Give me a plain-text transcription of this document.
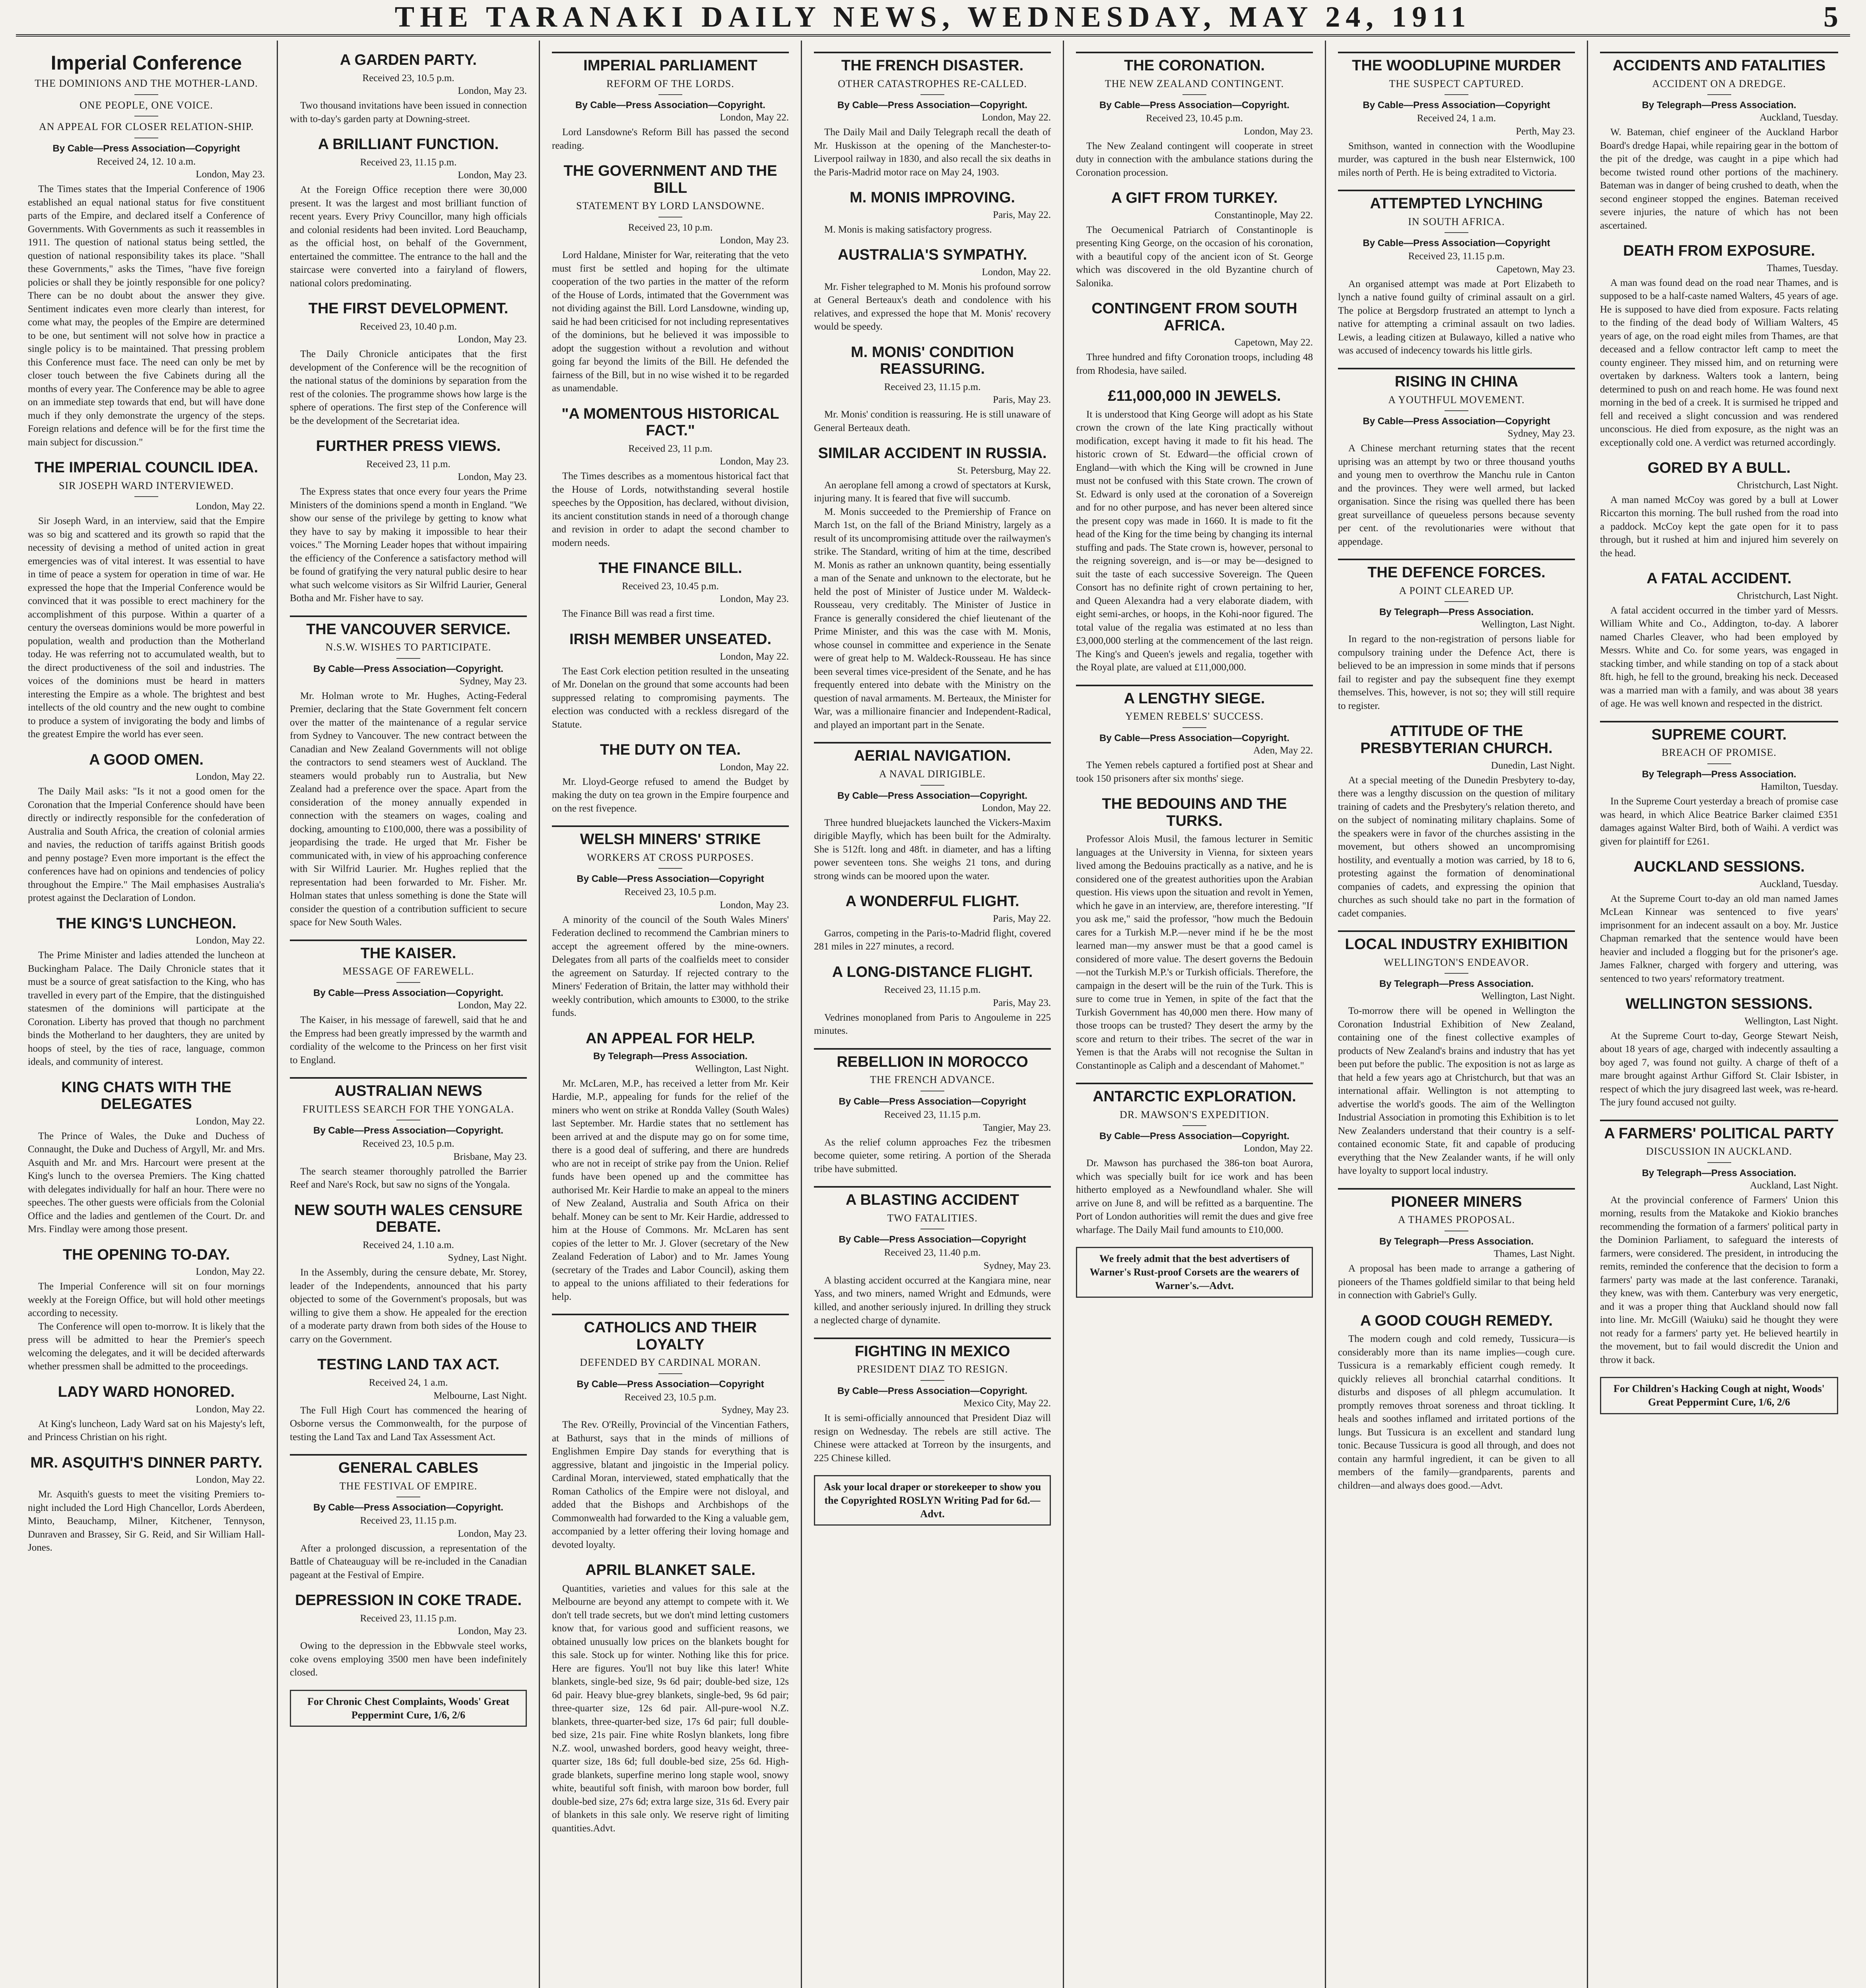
THE TARANAKI DAILY NEWS, WEDNESDAY, MAY 24, 1911	5
Imperial Conference
THE DOMINIONS AND THE MOTHER-LAND.
ONE PEOPLE, ONE VOICE.
AN APPEAL FOR CLOSER RELATION-SHIP.
By Cable—Press Association—Copyright
Received 24, 12. 10 a.m.
London, May 23.

The Times states that the Imperial Conference of 1906 established an equal national status for five constituent parts of the Empire, and declared itself a Conference of Governments. With Governments as such it reassembles in 1911. The question of national status being settled, the question of national responsibility takes its place. "Shall these Governments," asks the Times, "have five foreign policies or shall they be jointly responsible for one policy? There can be no doubt about the answer they give. Sentiment indicates even more clearly than interest, for come what may, the peoples of the Empire are determined to be one, but sentiment will not solve how in practice a single policy is to be maintained. That pressing problem this Conference must face. The need can only be met by closer touch between the five Cabinets during all the months of every year. The Conference may be able to agree on an immediate step towards that end, but will have done much if they only demonstrate the urgency of the steps. Foreign relations and defence will be for the first time the main subject for discussion."

THE IMPERIAL COUNCIL IDEA.
SIR JOSEPH WARD INTERVIEWED.
London, May 22.

Sir Joseph Ward, in an interview, said that the Empire was so big and scattered and its growth so rapid that the necessity of devising a method of united action in great emergencies was of vital interest. It was essential to have in time of peace a system for operation in time of war. He expressed the hope that the Imperial Conference would be convinced that it was possible to erect machinery for the accomplishment of this purpose. Within a quarter of a century the overseas dominions would be more powerful in population, wealth and production than the Motherland today. He was referring not to accumulated wealth, but to the direct productiveness of the soil and industries. The voices of the dominions must be heard in matters interesting the Empire as a whole. The brightest and best intellects of the old country and the new ought to combine to produce a system of invigorating the body and limbs of the greatest Empire the world has ever seen.

A GOOD OMEN.
London, May 22.

The Daily Mail asks: "Is it not a good omen for the Coronation that the Imperial Conference should have been directly or indirectly responsible for the confederation of Australia and South Africa, the creation of colonial armies and navies, the reduction of tariffs against British goods and penny postage? Even more important is the effect the conferences have had on opinions and tendencies of policy throughout the Empire." The Mail emphasises Australia's protest against the Declaration of London.

THE KING'S LUNCHEON.
London, May 22.

The Prime Minister and ladies attended the luncheon at Buckingham Palace. The Daily Chronicle states that it must be a source of great satisfaction to the King, who has travelled in every part of the Empire, that the distinguished statesmen of the dominions will participate at the Coronation. Liberty has proved that though no parchment binds the Motherland to her daughters, they are united by hoops of steel, by the ties of race, language, common ideals, and community of interest.

KING CHATS WITH THE DELEGATES
London, May 22.

The Prince of Wales, the Duke and Duchess of Connaught, the Duke and Duchess of Argyll, Mr. and Mrs. Asquith and Mr. and Mrs. Harcourt were present at the King's lunch to the oversea Premiers. The King chatted with delegates individually for half an hour. There were no speeches. The other guests were officials from the Colonial Office and the ladies and gentlemen of the Court. Dr. and Mrs. Findlay were among those present.

THE OPENING TO-DAY.
London, May 22.

The Imperial Conference will sit on four mornings weekly at the Foreign Office, but will hold other meetings according to necessity.

The Conference will open to-morrow. It is likely that the press will be admitted to hear the Premier's speech welcoming the delegates, and it will be decided afterwards whether pressmen shall be admitted to the proceedings.

LADY WARD HONORED.
London, May 22.

At King's luncheon, Lady Ward sat on his Majesty's left, and Princess Christian on his right.

MR. ASQUITH'S DINNER PARTY.
London, May 22.

Mr. Asquith's guests to meet the visiting Premiers to-night included the Lord High Chancellor, Lords Aberdeen, Minto, Beauchamp, Milner, Kitchener, Tennyson, Dunraven and Brassey, Sir G. Reid, and Sir William Hall-Jones.

A GARDEN PARTY.
Received 23, 10.5 p.m.
London, May 23.

Two thousand invitations have been issued in connection with to-day's garden party at Downing-street.

A BRILLIANT FUNCTION.
Received 23, 11.15 p.m.
London, May 23.

At the Foreign Office reception there were 30,000 present. It was the largest and most brilliant function of recent years. Every Privy Councillor, many high officials and colonial residents had been invited. Lord Beauchamp, as the official host, on behalf of the Government, entertained the committee. The entrance to the hall and the staircase were converted into a fairyland of flowers, national colors predominating.

THE FIRST DEVELOPMENT.
Received 23, 10.40 p.m.
London, May 23.

The Daily Chronicle anticipates that the first development of the Conference will be the recognition of the national status of the dominions by separation from the rest of the colonies. The programme shows how large is the sphere of operations. The first step of the Conference will be the development of the Secretariat idea.

FURTHER PRESS VIEWS.
Received 23, 11 p.m.
London, May 23.

The Express states that once every four years the Prime Ministers of the dominions spend a month in England. "We show our sense of the privilege by getting to know what they have to say by making it impossible to hear their voices." The Morning Leader hopes that without impairing the efficiency of the Conference a satisfactory method will be found of gratifying the very natural public desire to hear what such welcome visitors as Sir Wilfrid Laurier, General Botha and Mr. Fisher have to say.

THE VANCOUVER SERVICE.
N.S.W. WISHES TO PARTICIPATE.
By Cable—Press Association—Copyright.
Sydney, May 23.

Mr. Holman wrote to Mr. Hughes, Acting-Federal Premier, declaring that the State Government felt concern over the matter of the maintenance of a regular service from Sydney to Vancouver. The new contract between the Canadian and New Zealand Governments will not oblige the contractors to send steamers west of Auckland. The steamers would probably run to Australia, but New Zealand had a preference over the space. Apart from the consideration of the money annually expended in connection with the steamers on wages, coaling and docking, amounting to £100,000, there was a possibility of jeopardising the trade. He urged that Mr. Fisher be communicated with, in view of his approaching conference with Sir Wilfrid Laurier. Mr. Hughes replied that the representation had been forwarded to Mr. Fisher. Mr. Holman states that unless something is done the State will consider the question of a contribution sufficient to secure space for New South Wales.

THE KAISER.
MESSAGE OF FAREWELL.
By Cable—Press Association—Copyright.
London, May 22.

The Kaiser, in his message of farewell, said that he and the Empress had been greatly impressed by the warmth and cordiality of the welcome to the Princess on her first visit to England.

AUSTRALIAN NEWS
FRUITLESS SEARCH FOR THE YONGALA.
By Cable—Press Association—Copyright.
Received 23, 10.5 p.m.
Brisbane, May 23.

The search steamer thoroughly patrolled the Barrier Reef and Nare's Rock, but saw no signs of the Yongala.

NEW SOUTH WALES CENSURE DEBATE.
Received 24, 1.10 a.m.
Sydney, Last Night.

In the Assembly, during the censure debate, Mr. Storey, leader of the Independents, announced that his party objected to some of the Government's proposals, but was willing to give them a show. He appealed for the erection of a moderate party drawn from both sides of the House to carry on the Government.

TESTING LAND TAX ACT.
Received 24, 1 a.m.
Melbourne, Last Night.

The Full High Court has commenced the hearing of Osborne versus the Commonwealth, for the purpose of testing the Land Tax and Land Tax Assessment Act.

GENERAL CABLES
THE FESTIVAL OF EMPIRE.
By Cable—Press Association—Copyright.
Received 23, 11.15 p.m.
London, May 23.

After a prolonged discussion, a representation of the Battle of Chateauguay will be re-included in the Canadian pageant at the Festival of Empire.

DEPRESSION IN COKE TRADE.
Received 23, 11.15 p.m.
London, May 23.

Owing to the depression in the Ebbwvale steel works, coke ovens employing 3500 men have been indefinitely closed.

For Chronic Chest Complaints, Woods' Great Peppermint Cure, 1/6, 2/6

IMPERIAL PARLIAMENT
REFORM OF THE LORDS.
By Cable—Press Association—Copyright.
London, May 22.

Lord Lansdowne's Reform Bill has passed the second reading.

THE GOVERNMENT AND THE BILL
STATEMENT BY LORD LANSDOWNE.
Received 23, 10 p.m.
London, May 23.

Lord Haldane, Minister for War, reiterating that the veto must first be settled and hoping for the ultimate cooperation of the two parties in the matter of the reform of the House of Lords, intimated that the Government was not dividing against the Bill. Lord Lansdowne, winding up, said he had been criticised for not including representatives of the dominions, but he believed it was impossible to adopt the suggestion without a revolution and without going far beyond the limits of the Bill. He defended the fairness of the Bill, but in no wise wished it to be regarded as unamendable.

"A MOMENTOUS HISTORICAL FACT."
Received 23, 11 p.m.
London, May 23.

The Times describes as a momentous historical fact that the House of Lords, notwithstanding several hostile speeches by the Opposition, has declared, without division, its ancient constitution stands in need of a thorough change and revision in order to adapt the second chamber to modern needs.

THE FINANCE BILL.
Received 23, 10.45 p.m.
London, May 23.

The Finance Bill was read a first time.

IRISH MEMBER UNSEATED.
London, May 22.

The East Cork election petition resulted in the unseating of Mr. Donelan on the ground that some accounts had been suppressed relating to compromising payments. The election was conducted with a reckless disregard of the Statute.

THE DUTY ON TEA.
London, May 22.

Mr. Lloyd-George refused to amend the Budget by making the duty on tea grown in the Empire fourpence and on the rest fivepence.

WELSH MINERS' STRIKE
WORKERS AT CROSS PURPOSES.
By Cable—Press Association—Copyright
Received 23, 10.5 p.m.
London, May 23.

A minority of the council of the South Wales Miners' Federation declined to recommend the Cambrian miners to accept the agreement offered by the mine-owners. Delegates from all parts of the coalfields meet to consider the agreement on Saturday. If rejected contrary to the Miners' Federation of Britain, the latter may withhold their weekly contribution, which amounts to £3000, to the strike funds.

AN APPEAL FOR HELP.
By Telegraph—Press Association.
Wellington, Last Night.

Mr. McLaren, M.P., has received a letter from Mr. Keir Hardie, M.P., appealing for funds for the relief of the miners who went on strike at Rondda Valley (South Wales) last September. Mr. Hardie states that no settlement has been arrived at and the dispute may go on for some time, there is a good deal of suffering, and there are hundreds who are not in receipt of strike pay from the Union. Relief funds have been opened up and the committee has authorised Mr. Keir Hardie to make an appeal to the miners of New Zealand, Australia and South Africa on their behalf. Money can be sent to Mr. Keir Hardie, addressed to him at the House of Commons. Mr. McLaren has sent copies of the letter to Mr. J. Glover (secretary of the New Zealand Federation of Labor) and to Mr. James Young (secretary of the Trades and Labor Council), asking them to appeal to the unions affiliated to their federations for help.

CATHOLICS AND THEIR LOYALTY
DEFENDED BY CARDINAL MORAN.
By Cable—Press Association—Copyright
Received 23, 10.5 p.m.
Sydney, May 23.

The Rev. O'Reilly, Provincial of the Vincentian Fathers, at Bathurst, says that in the minds of millions of Englishmen Empire Day stands for everything that is aggressive, blatant and jingoistic in the Imperial policy. Cardinal Moran, interviewed, stated emphatically that the Roman Catholics of the Empire were not disloyal, and added that the Bishops and Archbishops of the Commonwealth had forwarded to the King a valuable gem, accompanied by a letter offering their loving homage and devoted loyalty.

APRIL BLANKET SALE.

Quantities, varieties and values for this sale at the Melbourne are beyond any attempt to compete with it. We don't tell trade secrets, but we don't mind letting customers know that, for various good and sufficient reasons, we obtained unusually low prices on the blankets bought for this sale. Stock up for winter. Nothing like this for price. Here are figures. You'll not buy like this later! White blankets, single-bed size, 9s 6d pair; double-bed size, 12s 6d pair. Heavy blue-grey blankets, single-bed, 9s 6d pair; three-quarter size, 12s 6d pair. All-pure-wool N.Z. blankets, three-quarter-bed size, 17s 6d pair; full double-bed size, 21s pair. Fine white Roslyn blankets, long fibre N.Z. wool, unwashed borders, good heavy weight, three-quarter size, 18s 6d; full double-bed size, 25s 6d. High-grade blankets, superfine merino long staple wool, snowy white, beautiful soft finish, with maroon bow border, full double-bed size, 27s 6d; extra large size, 31s 6d. Every pair of blankets in this sale only. We reserve right of limiting quantities.Advt.

THE FRENCH DISASTER.
OTHER CATASTROPHES RE-CALLED.
By Cable—Press Association—Copyright.
London, May 22.

The Daily Mail and Daily Telegraph recall the death of Mr. Huskisson at the opening of the Manchester-to-Liverpool railway in 1830, and also recall the six deaths in the Paris-Madrid motor race on May 24, 1903.

M. MONIS IMPROVING.
Paris, May 22.

M. Monis is making satisfactory progress.

AUSTRALIA'S SYMPATHY.
London, May 22.

Mr. Fisher telegraphed to M. Monis his profound sorrow at General Berteaux's death and condolence with his relatives, and expressed the hope that M. Monis' recovery would be speedy.

M. MONIS' CONDITION REASSURING.
Received 23, 11.15 p.m.
Paris, May 23.

Mr. Monis' condition is reassuring. He is still unaware of General Berteaux death.

SIMILAR ACCIDENT IN RUSSIA.
St. Petersburg, May 22.

An aeroplane fell among a crowd of spectators at Kursk, injuring many. It is feared that five will succumb.

M. Monis succeeded to the Premiership of France on March 1st, on the fall of the Briand Ministry, largely as a result of its uncompromising attitude over the railwaymen's strike. The Standard, writing of him at the time, described M. Monis as rather an unknown quantity, being essentially a man of the Senate and unknown to the electorate, but he held the post of Minister of Justice under M. Waldeck-Rousseau, very creditably. The Minister of Justice in France is generally considered the chief lieutenant of the Prime Minister, and this was the case with M. Monis, whose counsel in committee and experience in the Senate were of great help to M. Waldeck-Rousseau. He has since been several times vice-president of the Senate, and he has frequently entered into debate with the Ministry on the question of naval armaments. M. Berteaux, the Minister for War, was a millionaire financier and Independent-Radical, and played an important part in the Senate.

AERIAL NAVIGATION.
A NAVAL DIRIGIBLE.
By Cable—Press Association—Copyright.
London, May 22.

Three hundred bluejackets launched the Vickers-Maxim dirigible Mayfly, which has been built for the Admiralty. She is 512ft. long and 48ft. in diameter, and has a lifting power seventeen tons. She weighs 21 tons, and during strong winds can be moored upon the water.

A WONDERFUL FLIGHT.
Paris, May 22.

Garros, competing in the Paris-to-Madrid flight, covered 281 miles in 227 minutes, a record.

A LONG-DISTANCE FLIGHT.
Received 23, 11.15 p.m.
Paris, May 23.

Vedrines monoplaned from Paris to Angouleme in 225 minutes.

REBELLION IN MOROCCO
THE FRENCH ADVANCE.
By Cable—Press Association—Copyright
Received 23, 11.15 p.m.
Tangier, May 23.

As the relief column approaches Fez the tribesmen become quieter, some retiring. A portion of the Sherada tribe have submitted.

A BLASTING ACCIDENT
TWO FATALITIES.
By Cable—Press Association—Copyright
Received 23, 11.40 p.m.
Sydney, May 23.

A blasting accident occurred at the Kangiara mine, near Yass, and two miners, named Wright and Edmunds, were killed, and another seriously injured. In drilling they struck a neglected charge of dynamite.

FIGHTING IN MEXICO
PRESIDENT DIAZ TO RESIGN.
By Cable—Press Association—Copyright.
Mexico City, May 22.

It is semi-officially announced that President Diaz will resign on Wednesday. The rebels are still active. The Chinese were attacked at Torreon by the insurgents, and 225 Chinese killed.

Ask your local draper or storekeeper to show you the Copyrighted ROSLYN Writing Pad for 6d.—Advt.

THE CORONATION.
THE NEW ZEALAND CONTINGENT.
By Cable—Press Association—Copyright.
Received 23, 10.45 p.m.
London, May 23.

The New Zealand contingent will cooperate in street duty in connection with the ambulance stations during the Coronation procession.

A GIFT FROM TURKEY.
Constantinople, May 22.

The Oecumenical Patriarch of Constantinople is presenting King George, on the occasion of his coronation, with a beautiful copy of the ancient icon of St. George which was discovered in the old Byzantine church of Salonika.

CONTINGENT FROM SOUTH AFRICA.
Capetown, May 22.

Three hundred and fifty Coronation troops, including 48 from Rhodesia, have sailed.

£11,000,000 IN JEWELS.

It is understood that King George will adopt as his State crown the crown of the late King practically without modification, except having it made to fit his head. The historic crown of St. Edward—the official crown of England—with which the King will be crowned in June must not be confused with this State crown. The crown of St. Edward is only used at the coronation of a Sovereign and for no other purpose, and has never been altered since the present copy was made in 1660. It is made to fit the head of the King for the time being by changing its internal stuffing and pads. The State crown is, however, personal to the reigning sovereign, and is—or may be—designed to suit the taste of each successive Sovereign. The Queen Consort has no definite right of crown pertaining to her, and Queen Alexandra had a very elaborate diadem, with eight semi-arches, or hoops, in the Kohi-noor figured. The total value of the regalia was estimated at no less than £3,000,000 sterling at the commencement of the last reign. The King's and Queen's jewels and regalia, together with the Royal plate, are valued at £11,000,000.

A LENGTHY SIEGE.
YEMEN REBELS' SUCCESS.
By Cable—Press Association—Copyright.
Aden, May 22.

The Yemen rebels captured a fortified post at Shear and took 150 prisoners after six months' siege.

THE BEDOUINS AND THE TURKS.

Professor Alois Musil, the famous lecturer in Semitic languages at the University in Vienna, for sixteen years lived among the Bedouins practically as a native, and he is considered one of the greatest authorities upon the Arabian question. His views upon the situation and revolt in Yemen, which he gave in an interview, are, therefore interesting. "If you ask me," said the professor, "how much the Bedouin cares for a Turkish M.P.—never mind if he be the most learned man—my answer must be that a good camel is considered of more value. The desert governs the Bedouin—not the Turkish M.P.'s or Turkish officials. Therefore, the campaign in the desert will be the ruin of the Turk. This is sure to come true in Yemen, in spite of the fact that the Turkish Government has 40,000 men there. How many of those troops can be trusted? They desert the army by the score and return to their tribes. The secret of the war in Yemen is that the Arabs will not recognise the Sultan in Constantinople as Caliph and a descendant of Mahomet."

ANTARCTIC EXPLORATION.
DR. MAWSON'S EXPEDITION.
By Cable—Press Association—Copyright.
London, May 22.

Dr. Mawson has purchased the 386-ton boat Aurora, which was specially built for ice work and has been hitherto employed as a Newfoundland whaler. She will arrive on June 8, and will be refitted as a barquentine. The Port of London authorities will remit the dues and give free wharfage. The Daily Mail fund amounts to £10,000.

We freely admit that the best advertisers of Warner's Rust-proof Corsets are the wearers of Warner's.—Advt.

THE WOODLUPINE MURDER
THE SUSPECT CAPTURED.
By Cable—Press Association—Copyright
Received 24, 1 a.m.
Perth, May 23.

Smithson, wanted in connection with the Woodlupine murder, was captured in the bush near Elsternwick, 100 miles north of Perth. He is being extradited to Victoria.

ATTEMPTED LYNCHING
IN SOUTH AFRICA.
By Cable—Press Association—Copyright
Received 23, 11.15 p.m.
Capetown, May 23.

An organised attempt was made at Port Elizabeth to lynch a native found guilty of criminal assault on a girl. The police at Bergsdorp frustrated an attempt to lynch a native for attempting a criminal assault on two ladies. Lewis, a leading citizen at Bulawayo, killed a native who was accused of indecency towards his little girls.

RISING IN CHINA
A YOUTHFUL MOVEMENT.
By Cable—Press Association—Copyright
Sydney, May 23.

A Chinese merchant returning states that the recent uprising was an attempt by two or three thousand youths and young men to overthrow the Manchu rule in Canton and the provinces. They were well armed, but lacked organisation. Since the rising was quelled there has been great surveillance of queueless persons because seventy per cent. of the revolutionaries were without that appendage.

THE DEFENCE FORCES.
A POINT CLEARED UP.
By Telegraph—Press Association.
Wellington, Last Night.

In regard to the non-registration of persons liable for compulsory training under the Defence Act, there is believed to be an impression in some minds that if persons fail to register and pay the subsequent fine they exempt themselves. This, however, is not so; they will still require to register.

ATTITUDE OF THE PRESBYTERIAN CHURCH.
Dunedin, Last Night.

At a special meeting of the Dunedin Presbytery to-day, there was a lengthy discussion on the question of military training of cadets and the Presbytery's relation thereto, and on the subject of nominating military chaplains. Some of the speakers were in favor of the churches assisting in the movement, but others showed an uncompromising hostility, and eventually a motion was carried, by 18 to 6, protesting against the formation of denominational companies of cadets, and expressing the opinion that churches as such should take no part in the formation of cadet companies.

LOCAL INDUSTRY EXHIBITION
WELLINGTON'S ENDEAVOR.
By Telegraph—Press Association.
Wellington, Last Night.

To-morrow there will be opened in Wellington the Coronation Industrial Exhibition of New Zealand, containing one of the finest collective examples of products of New Zealand's brains and industry that has yet been put before the public. The exposition is not as large as that held a few years ago at Christchurch, but that was an international affair. Wellington is not attempting to advertise the world's goods. The aim of the Wellington Industrial Association in promoting this Exhibition is to let New Zealanders understand that their country is a self-contained economic State, fit and capable of producing everything that the New Zealander wants, if he will only have loyalty to support local industry.

PIONEER MINERS
A THAMES PROPOSAL.
By Telegraph—Press Association.
Thames, Last Night.

A proposal has been made to arrange a gathering of pioneers of the Thames goldfield similar to that being held in connection with Gabriel's Gully.

A GOOD COUGH REMEDY.

The modern cough and cold remedy, Tussicura—is considerably more than its name implies—cough cure. Tussicura is a remarkably efficient cough remedy. It quickly relieves all bronchial catarrhal conditions. It disturbs and disposes of all phlegm accumulation. It promptly removes throat soreness and throat tickling. It heals and soothes inflamed and irritated portions of the lungs. But Tussicura is an excellent and standard lung tonic. Because Tussicura is good all through, and does not contain any harmful ingredient, it can be given to all members of the family—grandparents, parents and children—and always does good.—Advt.

ACCIDENTS AND FATALITIES
ACCIDENT ON A DREDGE.
By Telegraph—Press Association.
Auckland, Tuesday.

W. Bateman, chief engineer of the Auckland Harbor Board's dredge Hapai, while repairing gear in the bottom of the pit of the dredge, was caught in a pipe which had become twisted round other portions of the machinery. Bateman was in danger of being crushed to death, when the second engineer stopped the engines. Bateman received severe injuries, the nature of which has not been ascertained.

DEATH FROM EXPOSURE.
Thames, Tuesday.

A man was found dead on the road near Thames, and is supposed to be a half-caste named Walters, 45 years of age. He is supposed to have died from exposure. Facts relating to the finding of the dead body of William Walters, 45 years of age, on the road eight miles from Thames, are that deceased and a fellow contractor left camp to meet the county engineer. They missed him, and on returning were overtaken by darkness. Walters took a lantern, being determined to push on and reach home. He was found next morning in the bed of a creek. It is surmised he tripped and fell and received a slight concussion and was rendered unconscious. He died from exposure, as the night was an exceptionally cold one. A verdict was returned accordingly.

GORED BY A BULL.
Christchurch, Last Night.

A man named McCoy was gored by a bull at Lower Riccarton this morning. The bull rushed from the road into a paddock. McCoy kept the gate open for it to pass through, but it rushed at him and injured him severely on the head.

A FATAL ACCIDENT.
Christchurch, Last Night.

A fatal accident occurred in the timber yard of Messrs. William White and Co., Addington, to-day. A laborer named Charles Cleaver, who had been employed by Messrs. White and Co. for some years, was engaged in stacking timber, and while standing on top of a stack about 8ft. high, he fell to the ground, breaking his neck. Deceased was a married man with a family, and was about 38 years of age. He was well known and respected in the district.

SUPREME COURT.
BREACH OF PROMISE.
By Telegraph—Press Association.
Hamilton, Tuesday.

In the Supreme Court yesterday a breach of promise case was heard, in which Alice Beatrice Barker claimed £351 damages against Walter Bird, both of Waihi. A verdict was given for plaintiff for £261.

AUCKLAND SESSIONS.
Auckland, Tuesday.

At the Supreme Court to-day an old man named James McLean Kinnear was sentenced to five years' imprisonment for an indecent assault on a boy. Mr. Justice Chapman remarked that the sentence would have been heavier and included a flogging but for the prisoner's age. James Falkner, charged with forgery and uttering, was sentenced to two years' reformatory treatment.

WELLINGTON SESSIONS.
Wellington, Last Night.

At the Supreme Court to-day, George Stewart Neish, about 18 years of age, charged with indecently assaulting a boy aged 7, was found not guilty. A charge of theft of a mare brought against Arthur Gifford St. Clair Isbister, in respect of which the jury disagreed last week, was re-heard. The jury found accused not guilty.

A FARMERS' POLITICAL PARTY
DISCUSSION IN AUCKLAND.
By Telegraph—Press Association.
Auckland, Last Night.

At the provincial conference of Farmers' Union this morning, results from the Matakoke and Kiokio branches recommending the formation of a farmers' political party in the Dominion Parliament, to safeguard the interests of farmers, were considered. The president, in introducing the remits, reminded the conference that the decision to form a farmers' party was made at the last conference. Taranaki, they knew, was with them. Canterbury was very energetic, and it was a proper thing that Auckland should now fall into line. Mr. McGill (Waiuku) said he thought they were not ready for a farmers' party yet. He believed heartily in the movement, but to fail would discredit the Union and throw it back.

For Children's Hacking Cough at night, Woods' Great Peppermint Cure, 1/6, 2/6
